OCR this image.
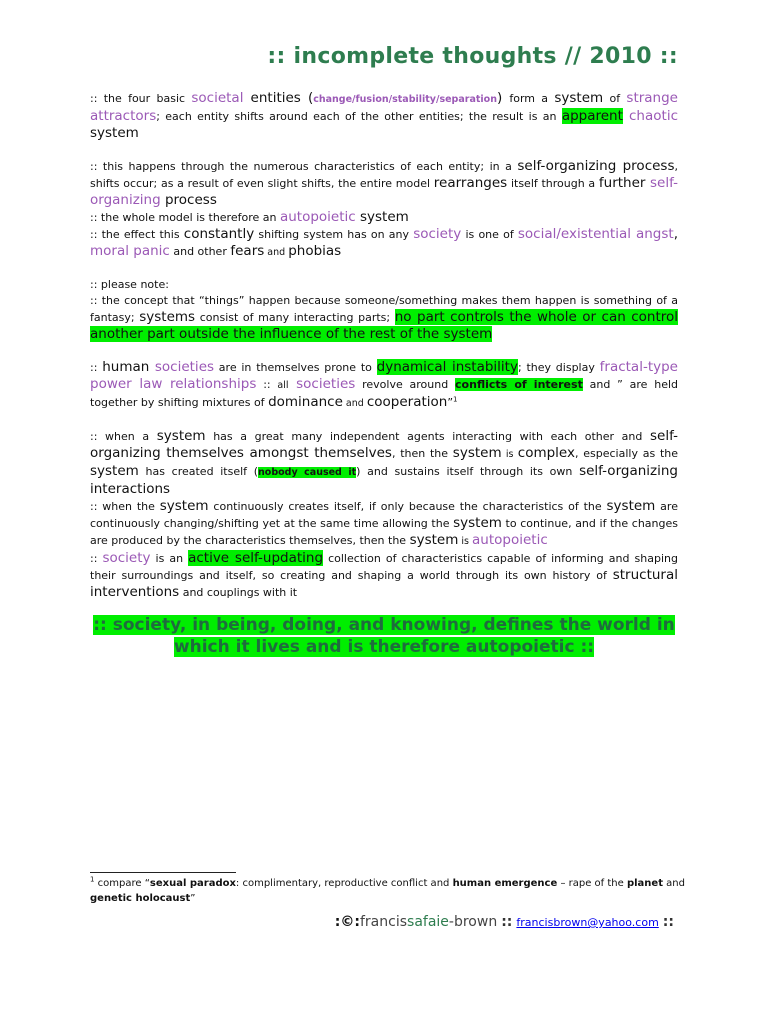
:: incomplete thoughts // 2010 ::

:: the four basic societal entities (change/fusion/stability/separation) form a system of strange attractors; each entity shifts around each of the other entities; the result is an apparent chaotic system

:: this happens through the numerous characteristics of each entity; in a self-organizing process, shifts occur; as a result of even slight shifts, the entire model rearranges itself through a further self-organizing process

:: the whole model is therefore an autopoietic system

:: the effect this constantly shifting system has on any society is one of social/existential angst, moral panic and other fears and phobias

:: please note:

:: the concept that “things” happen because someone/something makes them happen is something of a fantasy; systems consist of many interacting parts; no part controls the whole or can control another part outside the influence of the rest of the system

:: human societies are in themselves prone to dynamical instability; they display fractal-type power law relationships :: all societies revolve around conflicts of interest and ” are held together by shifting mixtures of dominance and cooperation”$^1$

:: when a system has a great many independent agents interacting with each other and self-organizing themselves amongst themselves, then the system is complex, especially as the system has created itself (nobody caused it) and sustains itself through its own self-organizing interactions

:: when the system continuously creates itself, if only because the characteristics of the system are continuously changing/shifting yet at the same time allowing the system to continue, and if the changes are produced by the characteristics themselves, then the system is autopoietic

:: society is an active self-updating collection of characteristics capable of informing and shaping their surroundings and itself, so creating and shaping a world through its own history of structural interventions and couplings with it

:: society, in being, doing, and knowing, defines the world in which it lives and is therefore autopoietic ::
$^1$ compare “sexual paradox: complimentary, reproductive conflict and human emergence – rape of the planet and genetic holocaust”
:©: francis safaie -brown :: francisbrown@yahoo.com ::
